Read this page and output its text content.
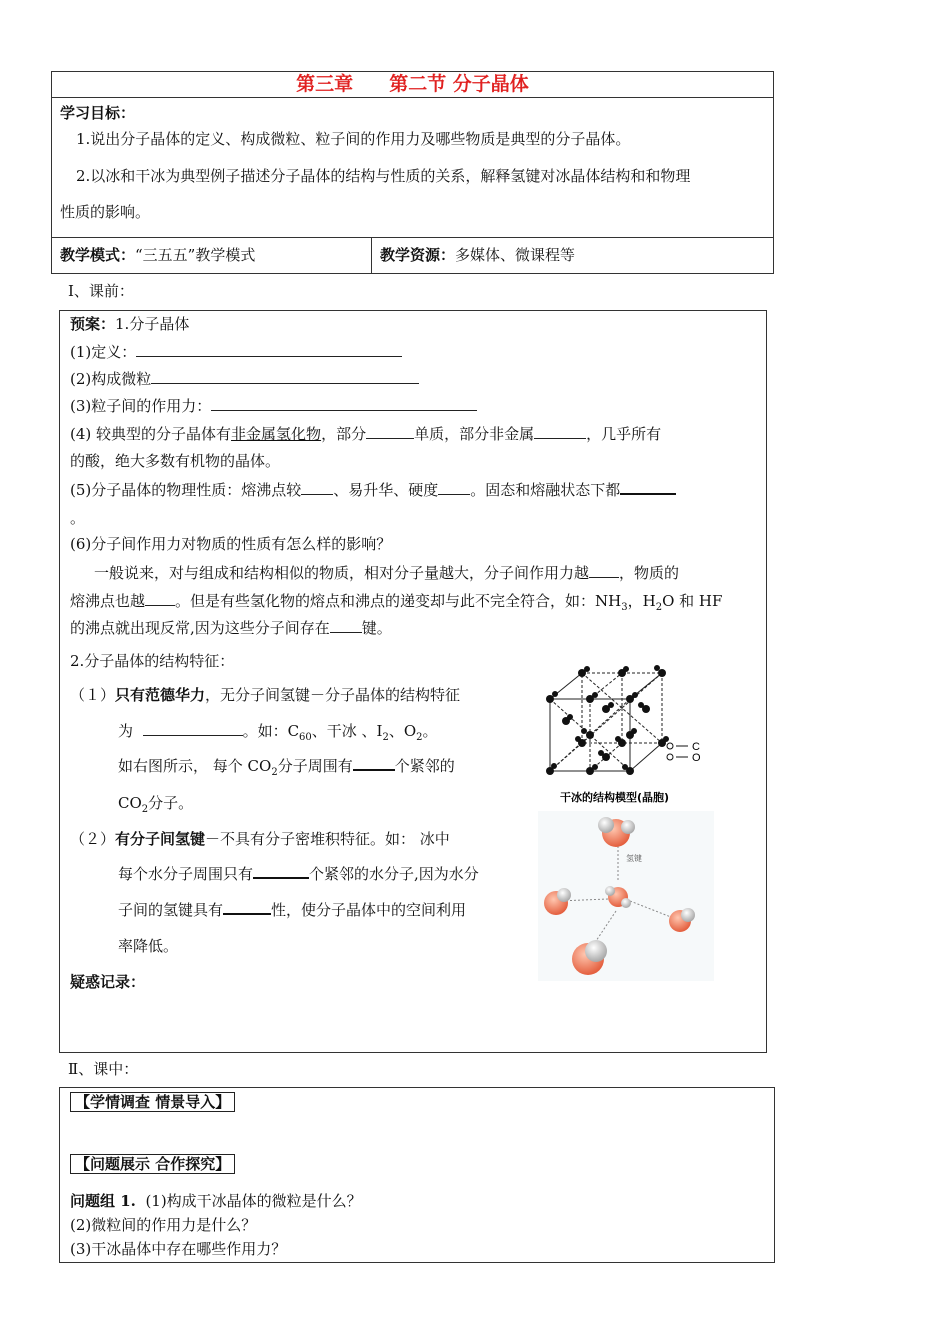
第三章 第二节 分子晶体

学习目标：
1.说出分子晶体的定义、构成微粒、粒子间的作用力及哪些物质是典型的分子晶体。
2.以冰和干冰为典型例子描述分子晶体的结构与性质的关系，解释氢键对冰晶体结构和和物理
性质的影响。

教学模式：“三五五”教学模式	教学资源：多媒体、微课程等
Ⅰ、课前：
预案：1.分子晶体
(1)定义：
(2)构成微粒
(3)粒子间的作用力：
(4) 较典型的分子晶体有非金属氢化物，部分	单质，部分非金属	，几乎所有
的酸，绝大多数有机物的晶体。
(5)分子晶体的物理性质：熔沸点较 、易升华、硬度 。固态和熔融状态下都
。
(6)分子间作用力对物质的性质有怎么样的影响？
一般说来，对与组成和结构相似的物质，相对分子量越大，分子间作用力越 ，物质的
熔沸点也越 。但是有些氢化物的熔点和沸点的递变却与此不完全符合，如：$NH_3$，$H_2O$ 和 HF
的沸点就出现反常,因为这些分子间存在 键。
2.分子晶体的结构特征：
（１）只有范德华力，无分子间氢键－分子晶体的结构特征
为	。如：$C_{60}$、干冰 、$I_2$、$O_2$。
如右图所示， 每个 $CO_2$分子周围有	个紧邻的
$CO_2$分子。
（２）有分子间氢键－不具有分子密堆积特征。如： 冰中
每个水分子周围只有	个紧邻的水分子,因为水分
子间的氢键具有	性，使分子晶体中的空间利用
率降低。
疑惑记录：
C
O
干冰的结构模型(晶胞)
氢键
Ⅱ、课中：
【学情调查 情景导入】
【问题展示 合作探究】
问题组 1. (1)构成干冰晶体的微粒是什么？
(2)微粒间的作用力是什么？
(3)干冰晶体中存在哪些作用力？
